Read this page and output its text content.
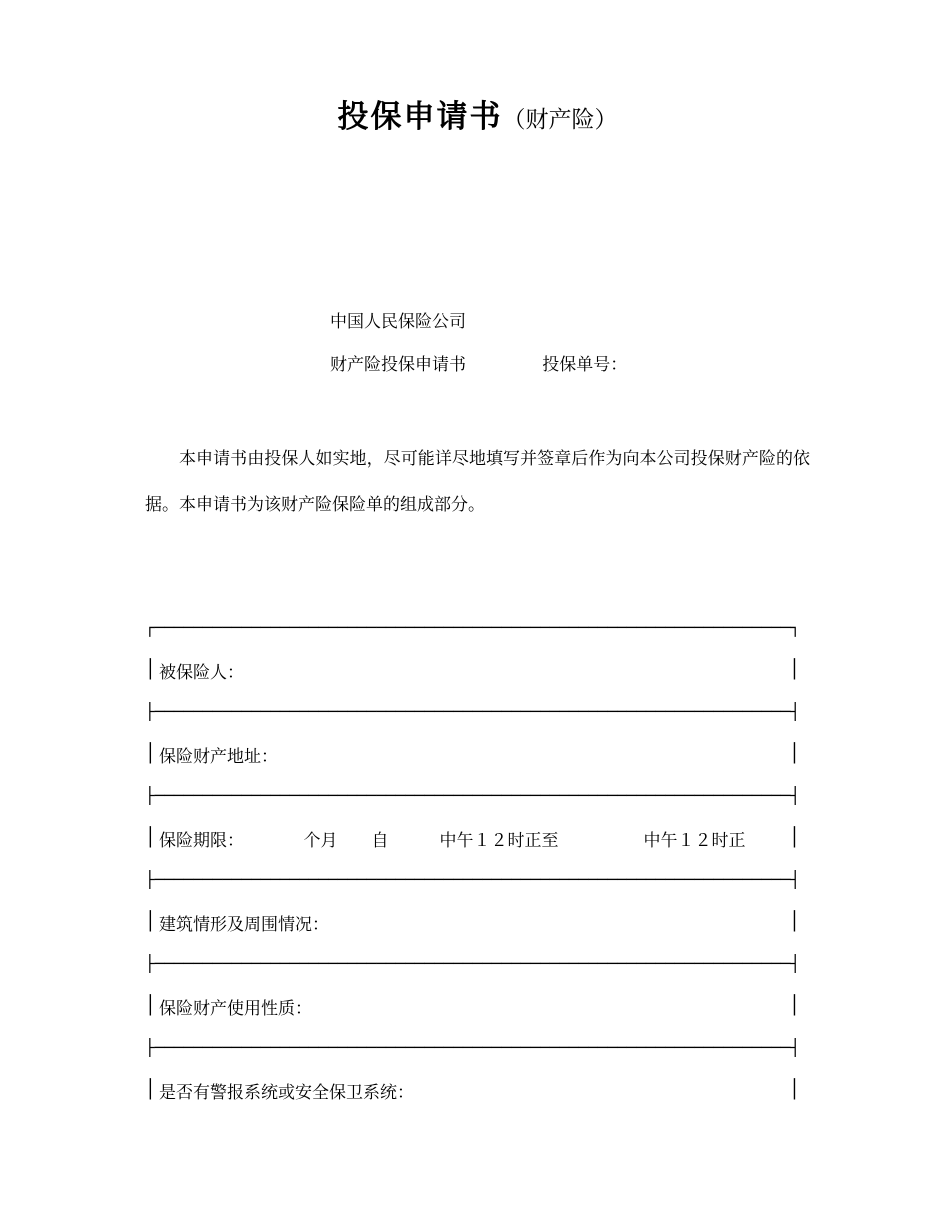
投保申请书（财产险）
中国人民保险公司
财产险投保申请书	投保单号：

本申请书由投保人如实地，尽可能详尽地填写并签章后作为向本公司投保财产险的依据。本申请书为该财产险保险单的组成部分。

┌──────────────────────────────────────────────────────────────────┐
│
被保险人：
│
├──────────────────────────────────────────────────────────────────┤
│
保险财产地址：
│
├──────────────────────────────────────────────────────────────────┤
│
保险期限：　　　　个月　　自　　　中午１２时正至　　　　　中午１２时正
│
├──────────────────────────────────────────────────────────────────┤
│
建筑情形及周围情况：
│
├──────────────────────────────────────────────────────────────────┤
│
保险财产使用性质：
│
├──────────────────────────────────────────────────────────────────┤
│
是否有警报系统或安全保卫系统：
│
